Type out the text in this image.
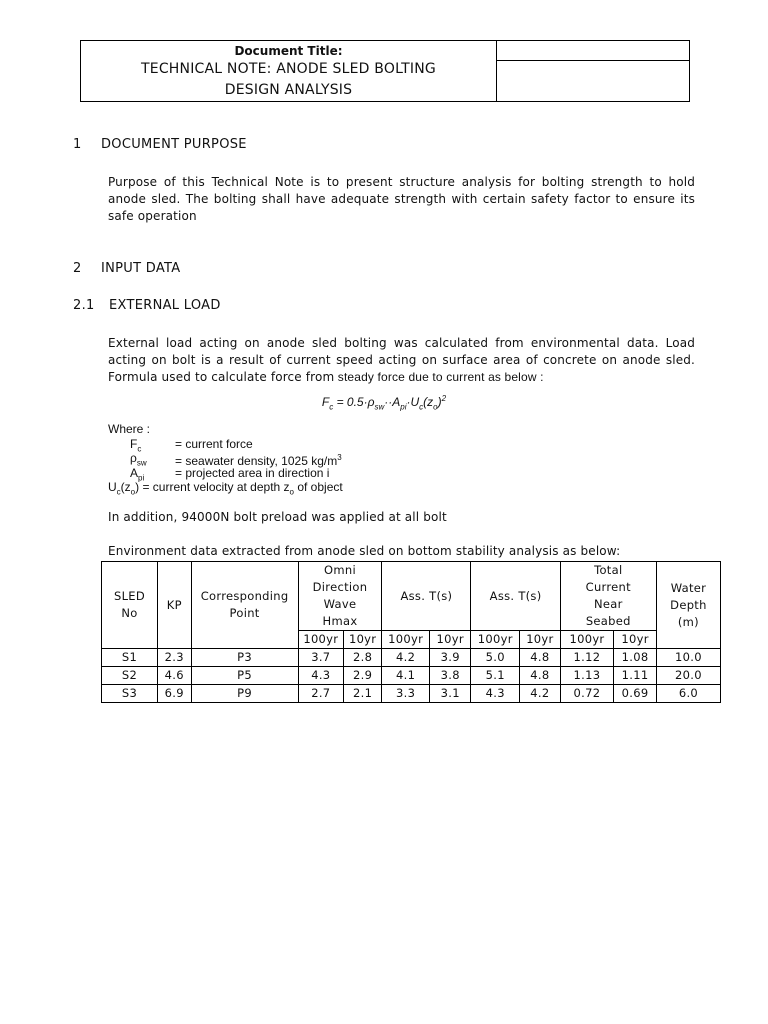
Document Title:
TECHNICAL NOTE: ANODE SLED BOLTING
DESIGN ANALYSIS
1 DOCUMENT PURPOSE

Purpose of this Technical Note is to present structure analysis for bolting strength to hold anode sled. The bolting shall have adequate strength with certain safety factor to ensure its safe operation

2 INPUT DATA
2.1 EXTERNAL LOAD

External load acting on anode sled bolting was calculated from environmental data. Load acting on bolt is a result of current speed acting on surface area of concrete on anode sled. Formula used to calculate force from steady force due to current as below :

$F_c = 0.5\cdot\rho_{sw}\cdot\cdot A_{pi}\cdot U_c(z_o)^2$
Where :
$F_c$	= current force
$\rho_{sw}$ = seawater density, 1025 $kg/m^3$
$A_{pi}$	= projected area in direction i
$U_c(z_o)$ = current velocity at depth $z_o$ of object

In addition, 94000N bolt preload was applied at all bolt

Environment data extracted from anode sled on bottom stability analysis as below:

SLED No	KP	Corresponding Point	Omni Direction Wave Hmax		Ass. T(s)		Ass. T(s)		Total Current Near Seabed		Water Depth (m)
			100yr	10yr	100yr	10yr	100yr	10yr	100yr	10yr	
S1	2.3	P3	3.7	2.8	4.2	3.9	5.0	4.8	1.12	1.08	10.0
S2	4.6	P5	4.3	2.9	4.1	3.8	5.1	4.8	1.13	1.11	20.0
S3	6.9	P9	2.7	2.1	3.3	3.1	4.3	4.2	0.72	0.69	6.0
